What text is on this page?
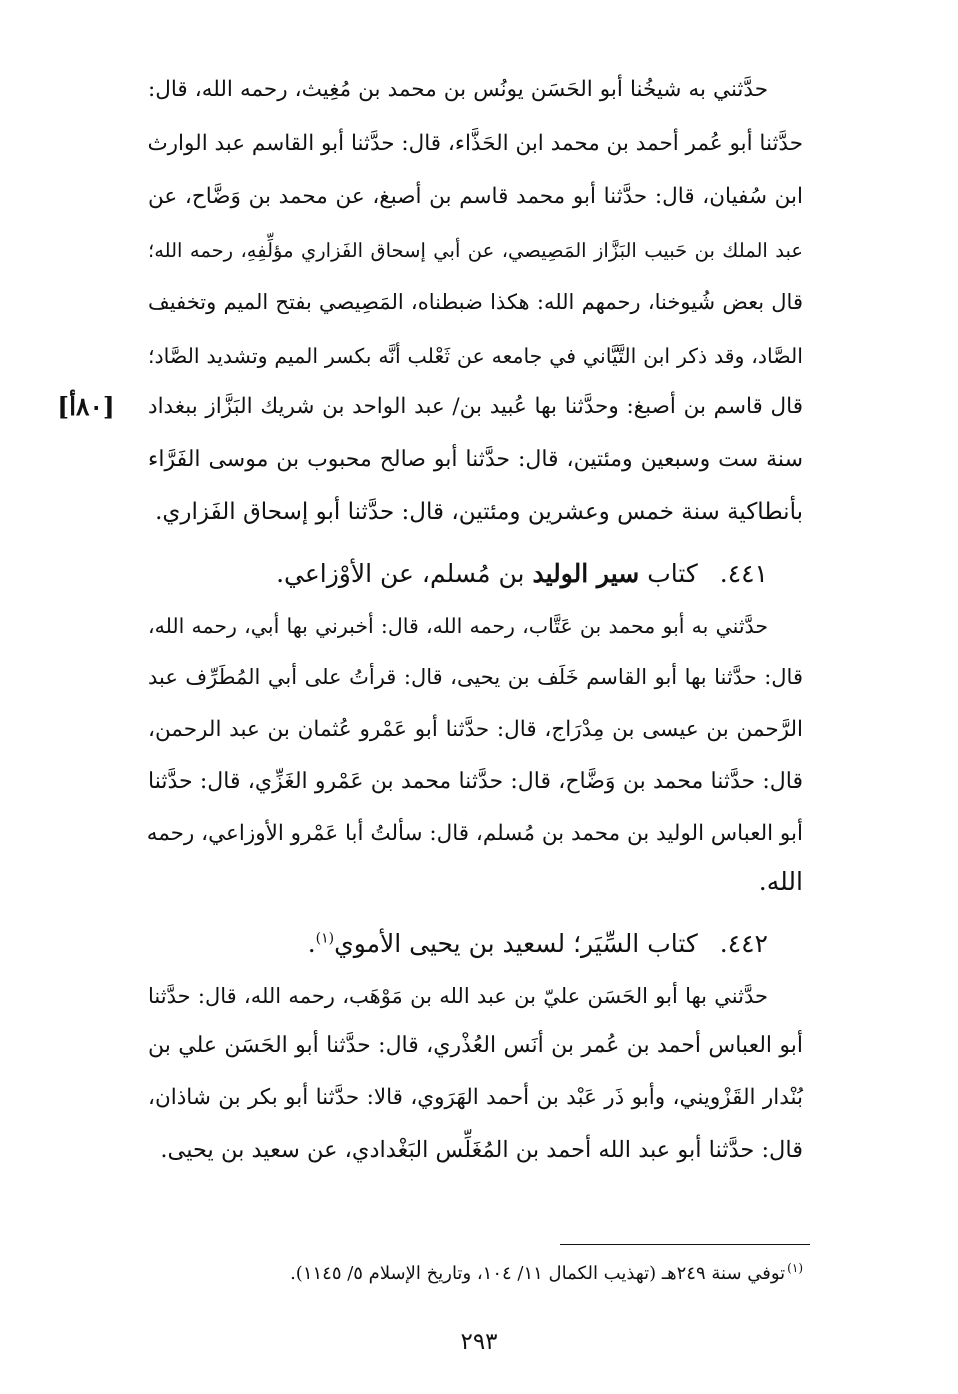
حدَّثني به شيخُنا أبو الحَسَن يونُس بن محمد بن مُغِيث، رحمه الله، قال:
حدَّثنا أبو عُمر أحمد بن محمد ابن الحَذَّاء، قال: حدَّثنا أبو القاسم عبد الوارث
ابن سُفيان، قال: حدَّثنا أبو محمد قاسم بن أصبغ، عن محمد بن وَضَّاح، عن
عبد الملك بن حَبيب البَزَّاز المَصِيصي، عن أبي إسحاق الفَزاري مؤلِّفِهِ، رحمه الله؛
قال بعض شُيوخنا، رحمهم الله: هكذا ضبطناه، المَصِيصي بفتح الميم وتخفيف
الصَّاد، وقد ذكر ابن التَّيَّاني في جامعه عن ثَعْلب أنَّه بكسر الميم وتشديد الصَّاد؛
قال قاسم بن أصبغ: وحدَّثنا بها عُبيد بن/ عبد الواحد بن شريك البَزَّاز ببغداد
[٨٠أ]
سنة ست وسبعين ومئتين، قال: حدَّثنا أبو صالح محبوب بن موسى الفَرَّاء
بأنطاكية سنة خمس وعشرين ومئتين، قال: حدَّثنا أبو إسحاق الفَزاري.
٤٤١. كتاب سير الوليد بن مُسلم، عن الأوْزاعي.
حدَّثني به أبو محمد بن عَتَّاب، رحمه الله، قال: أخبرني بها أبي، رحمه الله،
قال: حدَّثنا بها أبو القاسم خَلَف بن يحيى، قال: قرأتُ على أبي المُطَرِّف عبد
الرَّحمن بن عيسى بن مِدْرَاج، قال: حدَّثنا أبو عَمْرو عُثمان بن عبد الرحمن،
قال: حدَّثنا محمد بن وَضَّاح، قال: حدَّثنا محمد بن عَمْرو الغَزِّي، قال: حدَّثنا
أبو العباس الوليد بن محمد بن مُسلم، قال: سألتُ أبا عَمْرو الأوزاعي، رحمه
الله.
٤٤٢. كتاب السِّيَر؛ لسعيد بن يحيى الأموي$^{(١)}$.
حدَّثني بها أبو الحَسَن عليّ بن عبد الله بن مَوْهَب، رحمه الله، قال: حدَّثنا
أبو العباس أحمد بن عُمر بن أنَس العُذْري، قال: حدَّثنا أبو الحَسَن علي بن
بُنْدار القَزْويني، وأبو ذَر عَبْد بن أحمد الهَرَوي، قالا: حدَّثنا أبو بكر بن شاذان،
قال: حدَّثنا أبو عبد الله أحمد بن المُغَلِّس البَغْدادي، عن سعيد بن يحيى.
$^{(١)}$توفي سنة ٢٤٩هـ (تهذيب الكمال ١١/ ١٠٤، وتاريخ الإسلام ٥/ ١١٤٥).
٢٩٣
